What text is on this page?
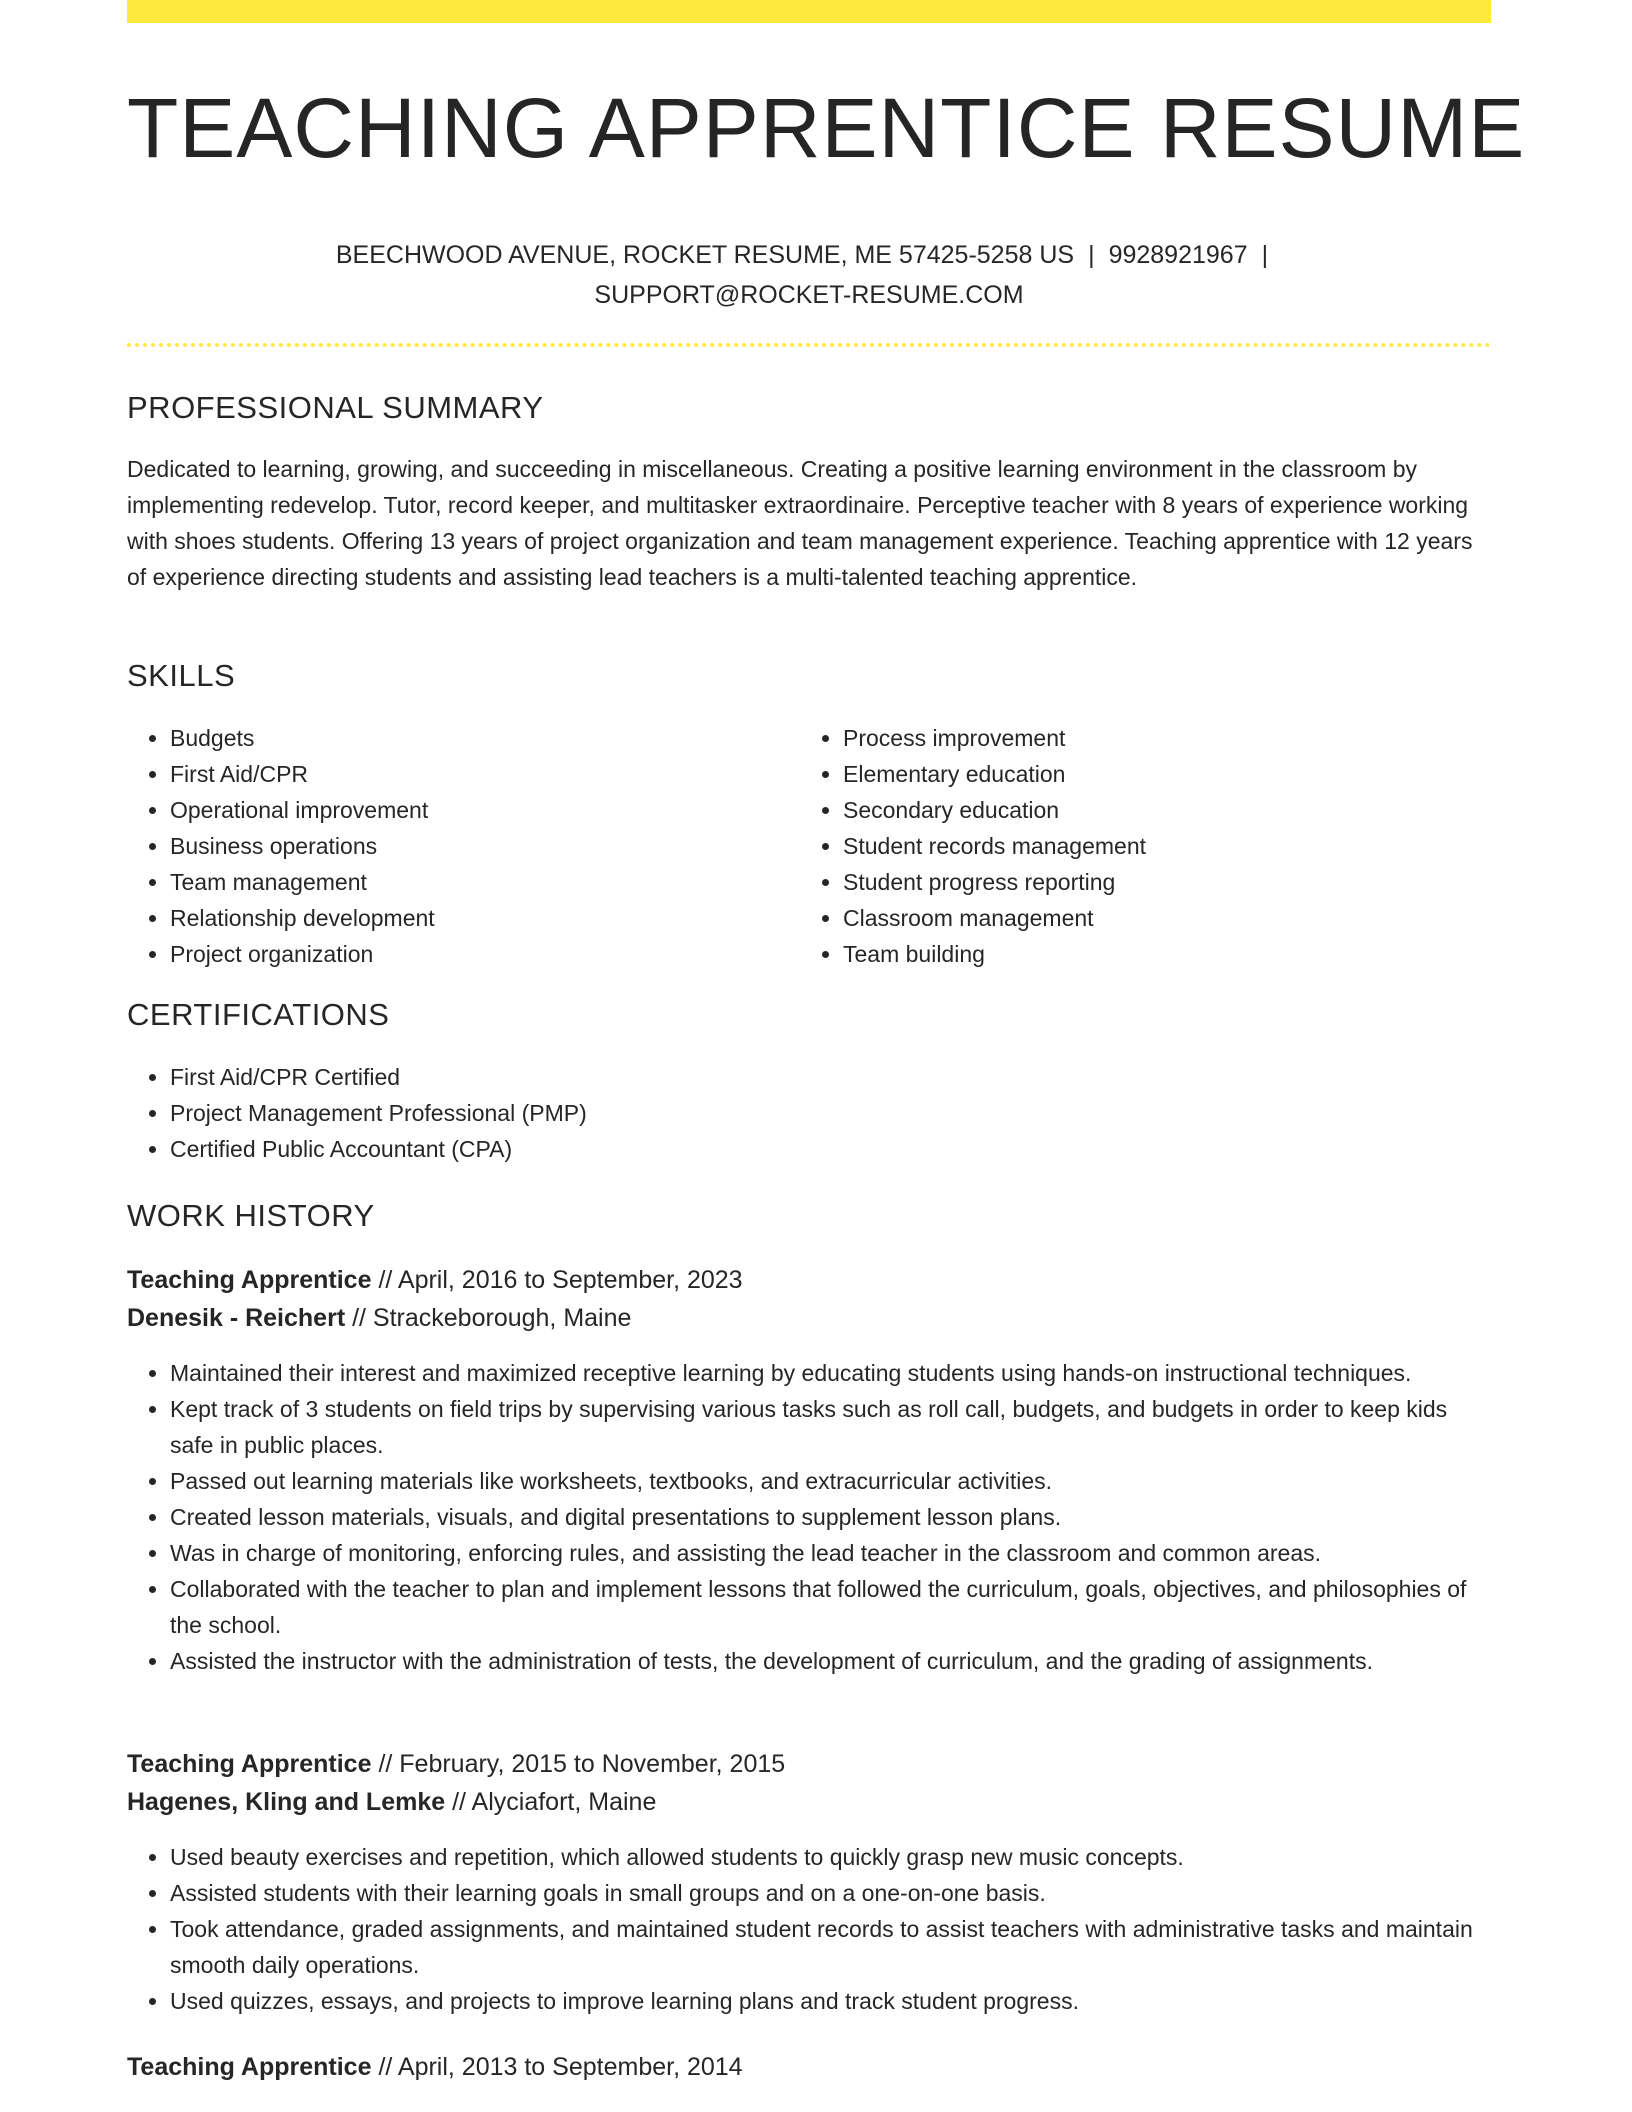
TEACHING APPRENTICE RESUME
BEECHWOOD AVENUE, ROCKET RESUME, ME 57425-5258 US | 9928921967 |
SUPPORT@ROCKET-RESUME.COM
PROFESSIONAL SUMMARY

Dedicated to learning, growing, and succeeding in miscellaneous. Creating a positive learning environment in the classroom by implementing redevelop. Tutor, record keeper, and multitasker extraordinaire. Perceptive teacher with 8 years of experience working with shoes students. Offering 13 years of project organization and team management experience. Teaching apprentice with 12 years of experience directing students and assisting lead teachers is a multi-talented teaching apprentice.

SKILLS
• Budgets
• First Aid/CPR
• Operational improvement
• Business operations
• Team management
• Relationship development
• Project organization
• Process improvement
• Elementary education
• Secondary education
• Student records management
• Student progress reporting
• Classroom management
• Team building
CERTIFICATIONS
• First Aid/CPR Certified
• Project Management Professional (PMP)
• Certified Public Accountant (CPA)
WORK HISTORY
Teaching Apprentice // April, 2016 to September, 2023
Denesik - Reichert // Strackeborough, Maine
• Maintained their interest and maximized receptive learning by educating students using hands-on instructional techniques.
• Kept track of 3 students on field trips by supervising various tasks such as roll call, budgets, and budgets in order to keep kids safe in public places.
• Passed out learning materials like worksheets, textbooks, and extracurricular activities.
• Created lesson materials, visuals, and digital presentations to supplement lesson plans.
• Was in charge of monitoring, enforcing rules, and assisting the lead teacher in the classroom and common areas.
• Collaborated with the teacher to plan and implement lessons that followed the curriculum, goals, objectives, and philosophies of the school.
• Assisted the instructor with the administration of tests, the development of curriculum, and the grading of assignments.
Teaching Apprentice // February, 2015 to November, 2015
Hagenes, Kling and Lemke // Alyciafort, Maine
• Used beauty exercises and repetition, which allowed students to quickly grasp new music concepts.
• Assisted students with their learning goals in small groups and on a one-on-one basis.
• Took attendance, graded assignments, and maintained student records to assist teachers with administrative tasks and maintain smooth daily operations.
• Used quizzes, essays, and projects to improve learning plans and track student progress.
Teaching Apprentice // April, 2013 to September, 2014
